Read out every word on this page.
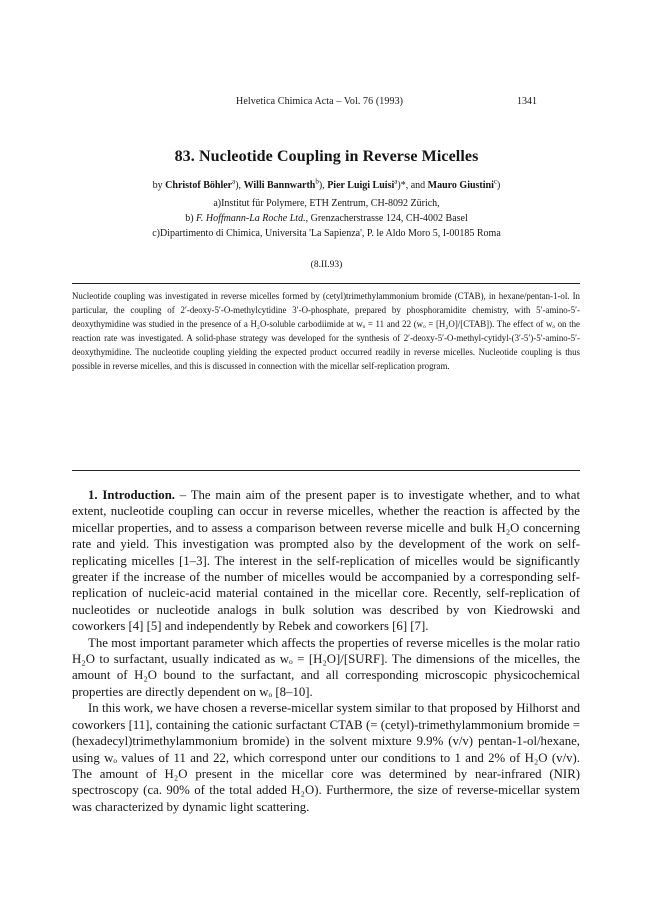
Helvetica Chimica Acta – Vol. 76 (1993)	1341
83. Nucleotide Coupling in Reverse Micelles
by Christof Böhler$^a$), Willi Bannwarth$^b$), Pier Luigi Luisi$^a$)*, and Mauro Giustini$^c$)
a)Institut für Polymere, ETH Zentrum, CH-8092 Zürich,
b) F. Hoffmann-La Roche Ltd., Grenzacherstrasse 124, CH-4002 Basel
c)Dipartimento di Chimica, Universita 'La Sapienza', P. le Aldo Moro 5, I-00185 Roma
(8.II.93)

Nucleotide coupling was investigated in reverse micelles formed by (cetyl)trimethylammonium bromide (CTAB), in hexane/pentan-1-ol. In particular, the coupling of 2′-deoxy-5′-O-methylcytidine 3′-O-phosphate, prepared by phosphoramidite chemistry, with 5′-amino-5′-deoxythymidine was studied in the presence of a H₂O-soluble carbodiimide at wₒ = 11 and 22 (wₒ = [H₂O]/[CTAB]). The effect of wₒ on the reaction rate was investigated. A solid-phase strategy was developed for the synthesis of 2′-deoxy-5′-O-methyl-cytidyl-(3′-5′)-5′-amino-5′-deoxythymidine. The nucleotide coupling yielding the expected product occurred readily in reverse micelles. Nucleotide coupling is thus possible in reverse micelles, and this is discussed in connection with the micellar self-replication program.

1. Introduction. – The main aim of the present paper is to investigate whether, and to what extent, nucleotide coupling can occur in reverse micelles, whether the reaction is affected by the micellar properties, and to assess a comparison between reverse micelle and bulk H₂O concerning rate and yield. This investigation was prompted also by the development of the work on self-replicating micelles [1–3]. The interest in the self-replication of micelles would be significantly greater if the increase of the number of micelles would be accompanied by a corresponding self-replication of nucleic-acid material contained in the micellar core. Recently, self-replication of nucleotides or nucleotide analogs in bulk solution was described by von Kiedrowski and coworkers [4] [5] and independently by Rebek and coworkers [6] [7].

The most important parameter which affects the properties of reverse micelles is the molar ratio H₂O to surfactant, usually indicated as wₒ = [H₂O]/[SURF]. The dimensions of the micelles, the amount of H₂O bound to the surfactant, and all corresponding microscopic physicochemical properties are directly dependent on wₒ [8–10].

In this work, we have chosen a reverse-micellar system similar to that proposed by Hilhorst and coworkers [11], containing the cationic surfactant CTAB (= (cetyl)-trimethylammonium bromide = (hexadecyl)trimethylammonium bromide) in the solvent mixture 9.9% (v/v) pentan-1-ol/hexane, using wₒ values of 11 and 22, which correspond unter our conditions to 1 and 2% of H₂O (v/v). The amount of H₂O present in the micellar core was determined by near-infrared (NIR) spectroscopy (ca. 90% of the total added H₂O). Furthermore, the size of reverse-micellar system was characterized by dynamic light scattering.
